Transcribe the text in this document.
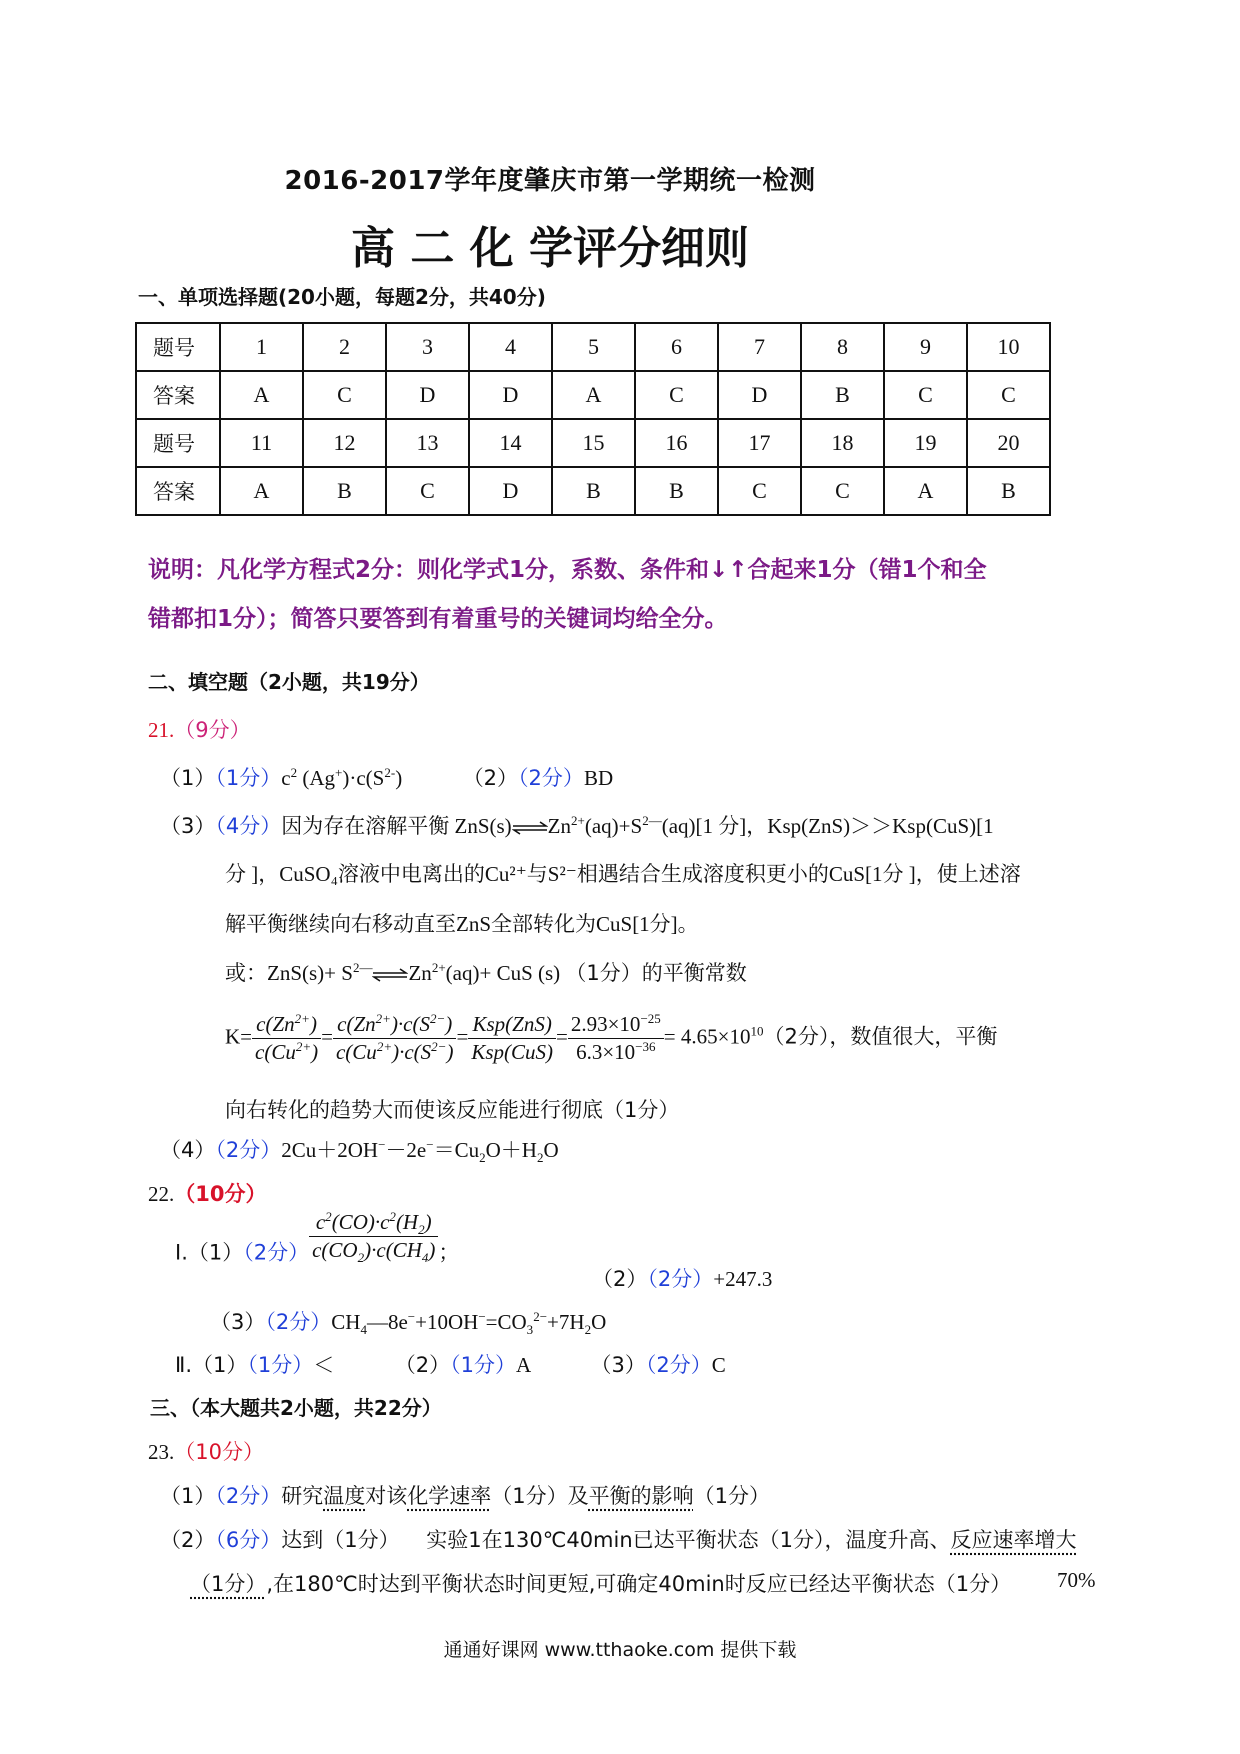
2016-2017学年度肇庆市第一学期统一检测
高 二 化 学评分细则
一、单项选择题(20小题，每题2分，共40分)
题号	1	2	3	4	5	6	7	8	9	10
答案	A	C	D	D	A	C	D	B	C	C
题号	11	12	13	14	15	16	17	18	19	20
答案	A	B	C	D	B	B	C	C	A	B
说明：凡化学方程式2分：则化学式1分，系数、条件和↓↑合起来1分（错1个和全
错都扣1分）；简答只要答到有着重号的关键词均给全分。
二、填空题（2小题，共19分）
21.（9分）
（1）（1分）$c^2$ $(Ag^+)\cdot c(S^{2-})$	（2）（2分）BD
（3）（4分）因为存在溶解平衡 $ZnS(s)\rightleftharpoons Zn^{2+}(aq)+S^{2—}(aq)[1$ 分]，Ksp(ZnS)＞＞Ksp(CuS)[1
分 ]，CuSO₄溶液中电离出的Cu²⁺与S²⁻相遇结合生成溶度积更小的CuS[1分 ]，使上述溶
解平衡继续向右移动直至ZnS全部转化为CuS[1分]。
或：$ZnS(s)+ S^{2—}$ $\rightleftharpoons Zn^{2+}(aq)+$ CuS (s) （1分）的平衡常数
$K= \frac{c(Zn^{2+})}{c(Cu^{2+})} = \frac{c(Zn^{2+})\cdot c(S^{2-})}{c(Cu^{2+})\cdot c(S^{2-})} = \frac{\text{Ksp(ZnS)}}{\text{Ksp(CuS)}} = \frac{2.93\times 10^{-25}}{6.3\times 10^{-36}} = 4.65\times 10^{10}(2$分），数值很大，平衡
向右转化的趋势大而使该反应能进行彻底（1分）
（4）（2分）$2Cu+2OH^--2e^-=Cu_2O+H_2O$
22.（10分）
Ⅰ.（1）（2分） $\frac{c^2(CO)\cdot c^2(H_2)}{c(CO_2)\cdot c(CH_4)}$ ；
（2）（2分）+247.3
（3）（2分）$CH_4—8e^-+10OH^-=CO_3^{2-}+7H_2O$
Ⅱ.（1）（1分）＜	（2）（1分）A	（3）（2分）C
三、（本大题共2小题，共22分）
23.（10分）
（1）（2分）研究温度对该化学速率（1分）及平衡的影响（1分）
（2）（6分）达到（1分）    实验1在130℃40min已达平衡状态（1分），温度升高、反应速率增大
（1分）,在180℃时达到平衡状态时间更短,可确定40min时反应已经达平衡状态（1分） 70%
通通好课网 www.tthaoke.com 提供下载
